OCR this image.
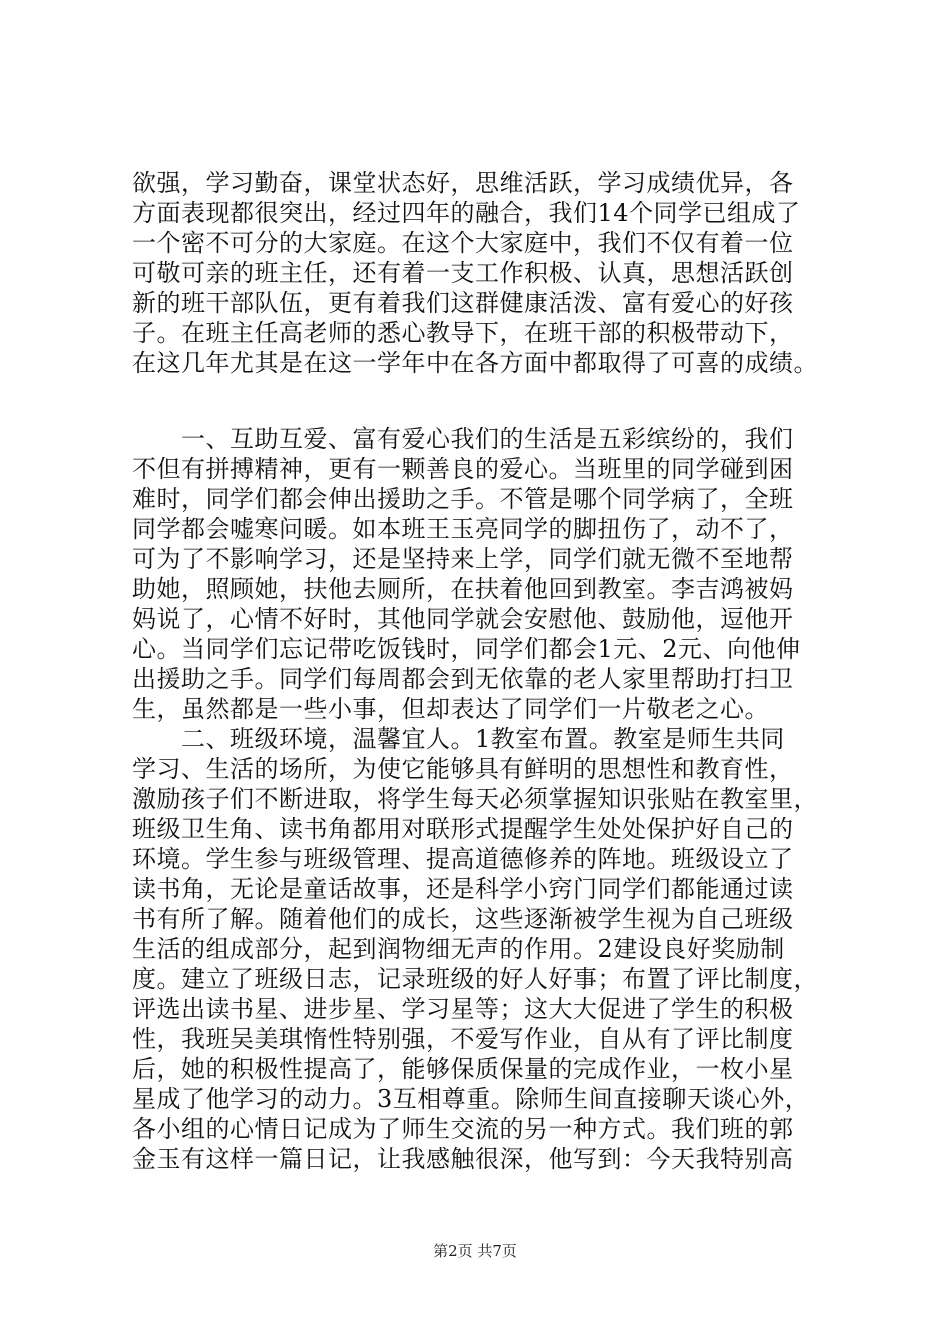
欲强，学习勤奋，课堂状态好，思维活跃，学习成绩优异，各
方面表现都很突出，经过四年的融合，我们14个同学已组成了
一个密不可分的大家庭。在这个大家庭中，我们不仅有着一位
可敬可亲的班主任，还有着一支工作积极、认真，思想活跃创
新的班干部队伍，更有着我们这群健康活泼、富有爱心的好孩
子。在班主任高老师的悉心教导下，在班干部的积极带动下，
在这几年尤其是在这一学年中在各方面中都取得了可喜的成绩。
　　一、互助互爱、富有爱心我们的生活是五彩缤纷的，我们
不但有拼搏精神，更有一颗善良的爱心。当班里的同学碰到困
难时，同学们都会伸出援助之手。不管是哪个同学病了，全班
同学都会嘘寒问暖。如本班王玉亮同学的脚扭伤了，动不了，
可为了不影响学习，还是坚持来上学，同学们就无微不至地帮
助她，照顾她，扶他去厕所，在扶着他回到教室。李吉鸿被妈
妈说了，心情不好时，其他同学就会安慰他、鼓励他，逗他开
心。当同学们忘记带吃饭钱时，同学们都会1元、2元、向他伸
出援助之手。同学们每周都会到无依靠的老人家里帮助打扫卫
生，虽然都是一些小事，但却表达了同学们一片敬老之心。
　　二、班级环境，温馨宜人。1教室布置。教室是师生共同
学习、生活的场所，为使它能够具有鲜明的思想性和教育性，
激励孩子们不断进取，将学生每天必须掌握知识张贴在教室里，
班级卫生角、读书角都用对联形式提醒学生处处保护好自己的
环境。学生参与班级管理、提高道德修养的阵地。班级设立了
读书角，无论是童话故事，还是科学小窍门同学们都能通过读
书有所了解。随着他们的成长，这些逐渐被学生视为自己班级
生活的组成部分，起到润物细无声的作用。2建设良好奖励制
度。建立了班级日志，记录班级的好人好事；布置了评比制度，
评选出读书星、进步星、学习星等；这大大促进了学生的积极
性，我班吴美琪惰性特别强，不爱写作业，自从有了评比制度
后，她的积极性提高了，能够保质保量的完成作业，一枚小星
星成了他学习的动力。3互相尊重。除师生间直接聊天谈心外，
各小组的心情日记成为了师生交流的另一种方式。我们班的郭
金玉有这样一篇日记，让我感触很深，他写到：今天我特别高
第2页 共7页
